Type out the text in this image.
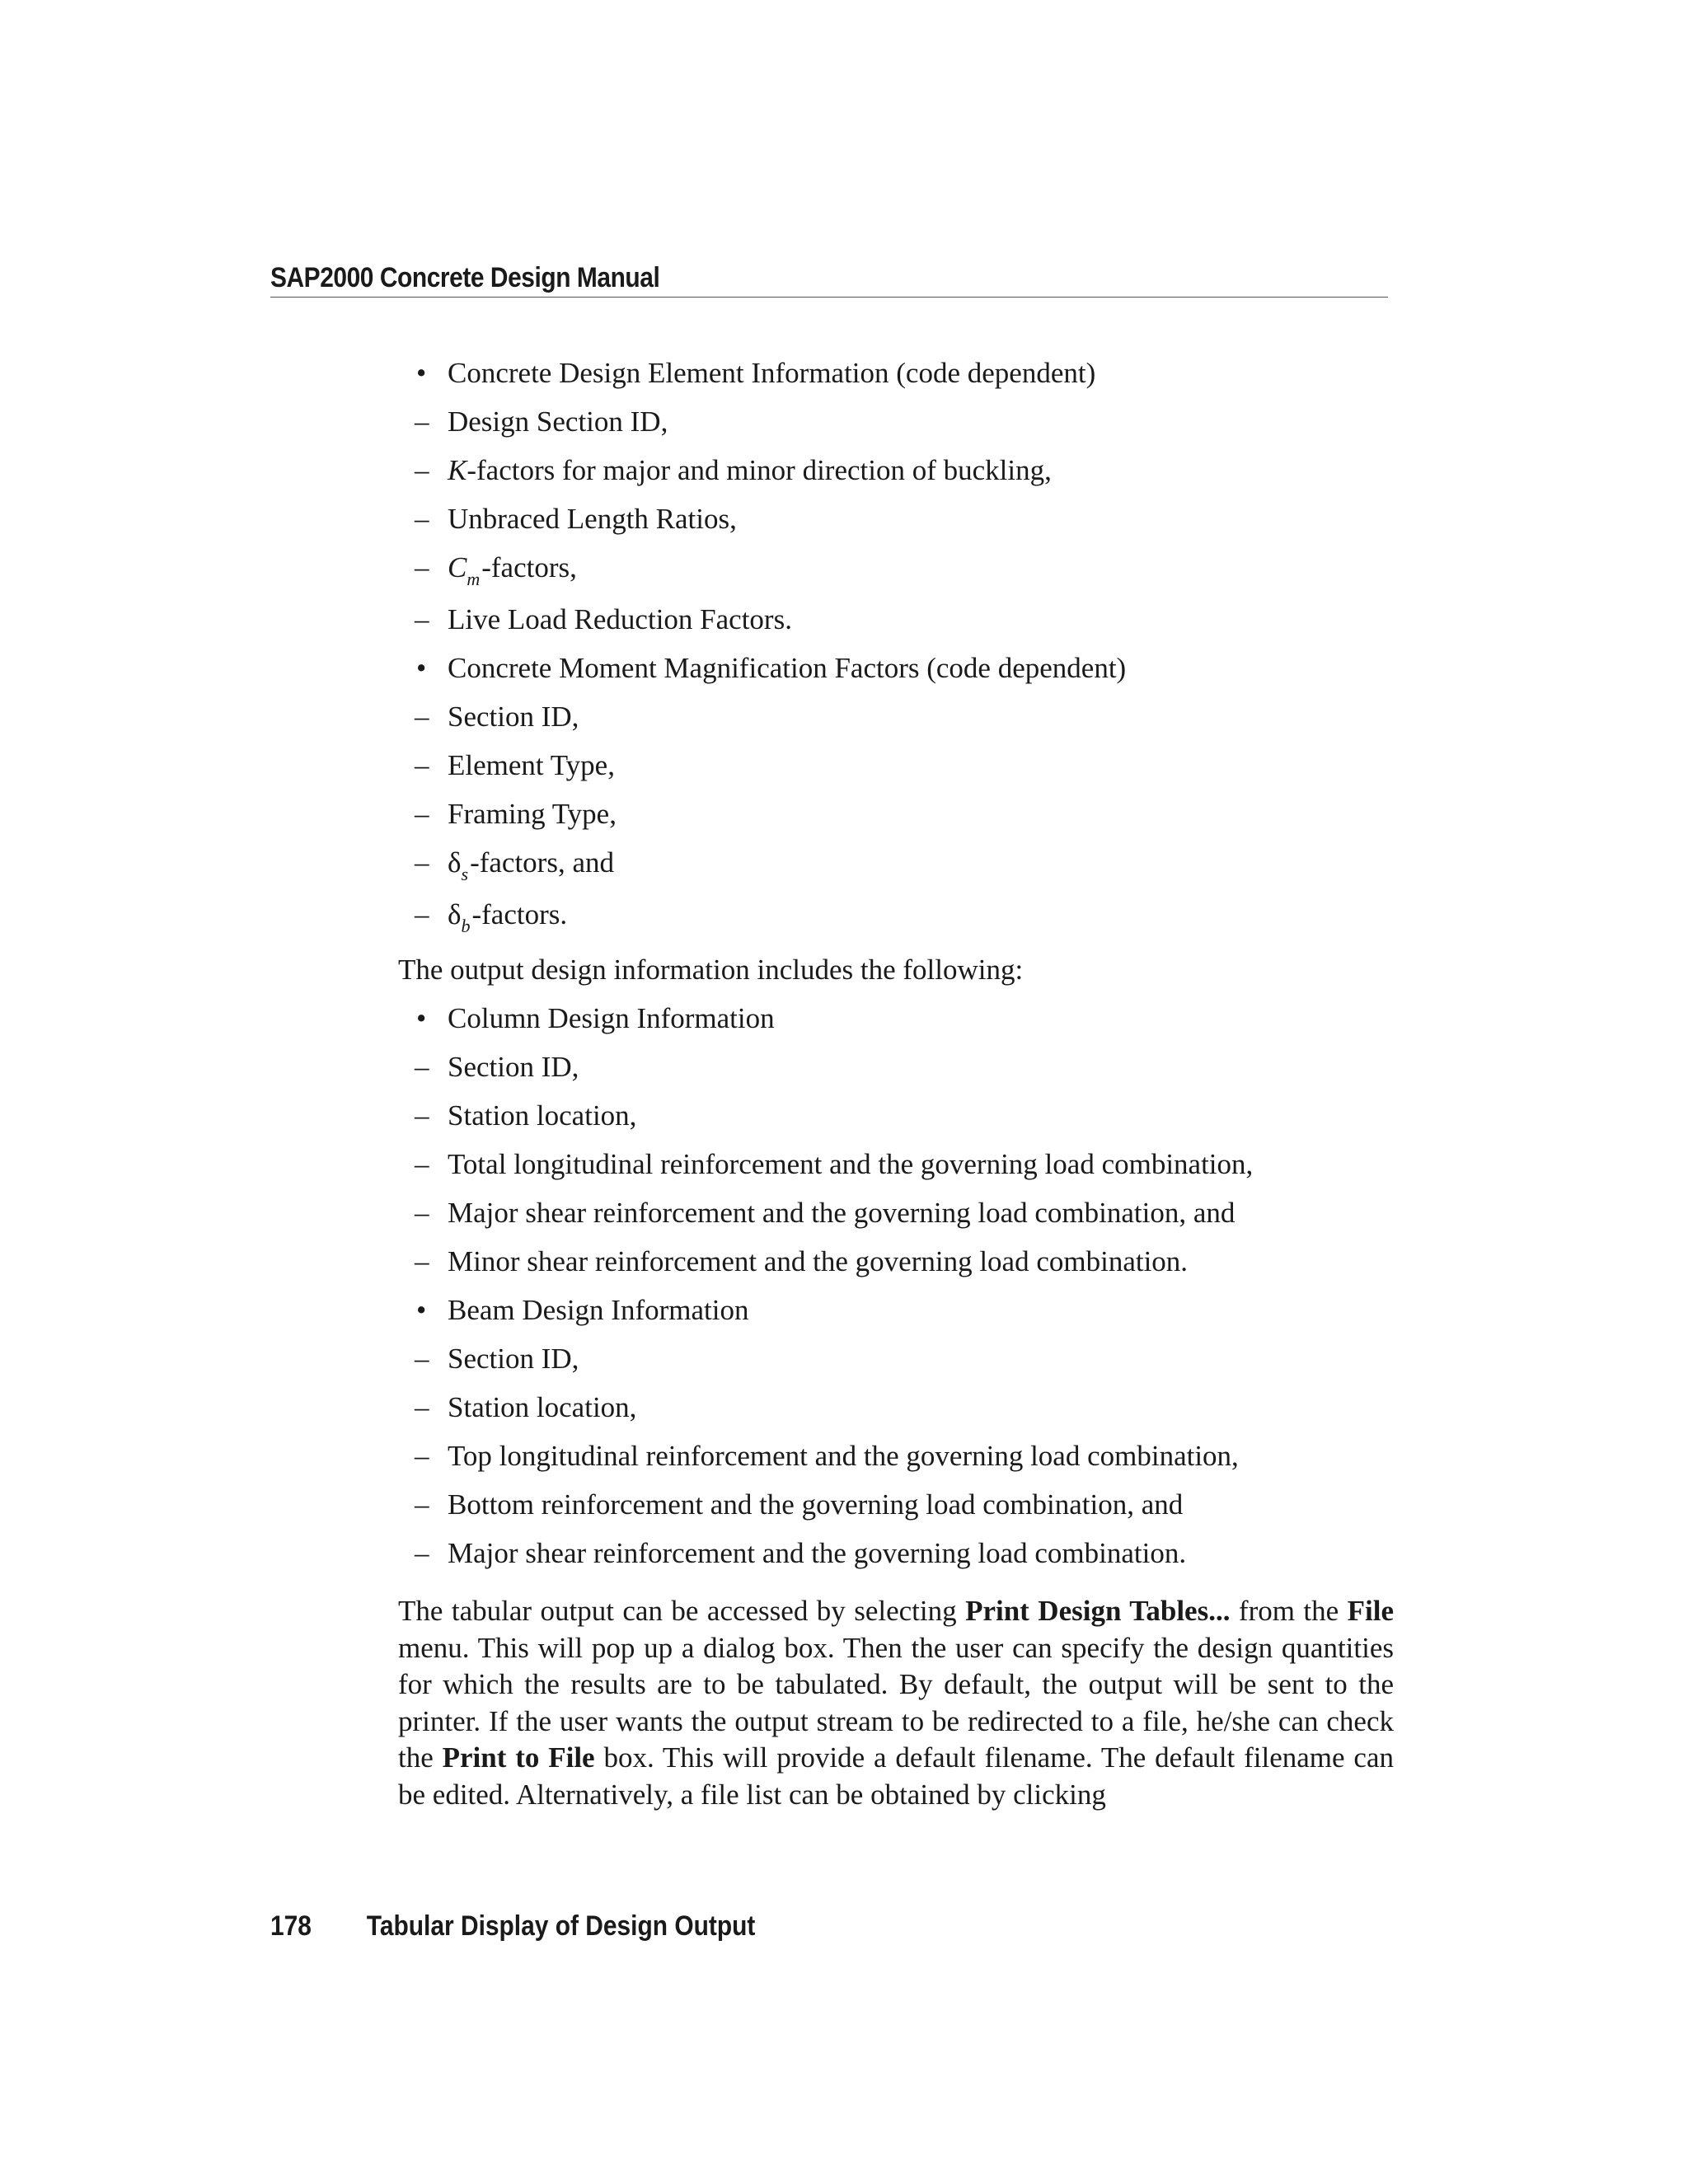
SAP2000 Concrete Design Manual
• Concrete Design Element Information (code dependent)
– Design Section ID,
– K-factors for major and minor direction of buckling,
– Unbraced Length Ratios,
– $C_m$-factors,
– Live Load Reduction Factors.
• Concrete Moment Magnification Factors (code dependent)
– Section ID,
– Element Type,
– Framing Type,
– $\delta_s$-factors, and
– $\delta_b$-factors.
The output design information includes the following:
• Column Design Information
– Section ID,
– Station location,
– Total longitudinal reinforcement and the governing load combination,
– Major shear reinforcement and the governing load combination, and
– Minor shear reinforcement and the governing load combination.
• Beam Design Information
– Section ID,
– Station location,
– Top longitudinal reinforcement and the governing load combination,
– Bottom reinforcement and the governing load combination, and
– Major shear reinforcement and the governing load combination.
The tabular output can be accessed by selecting Print Design Tables... from the File menu. This will pop up a dialog box. Then the user can specify the design quantities for which the results are to be tabulated. By default, the output will be sent to the printer. If the user wants the output stream to be redirected to a file, he/she can check the Print to File box. This will provide a default filename. The default filename can be edited. Alternatively, a file list can be obtained by clicking
178 Tabular Display of Design Output
